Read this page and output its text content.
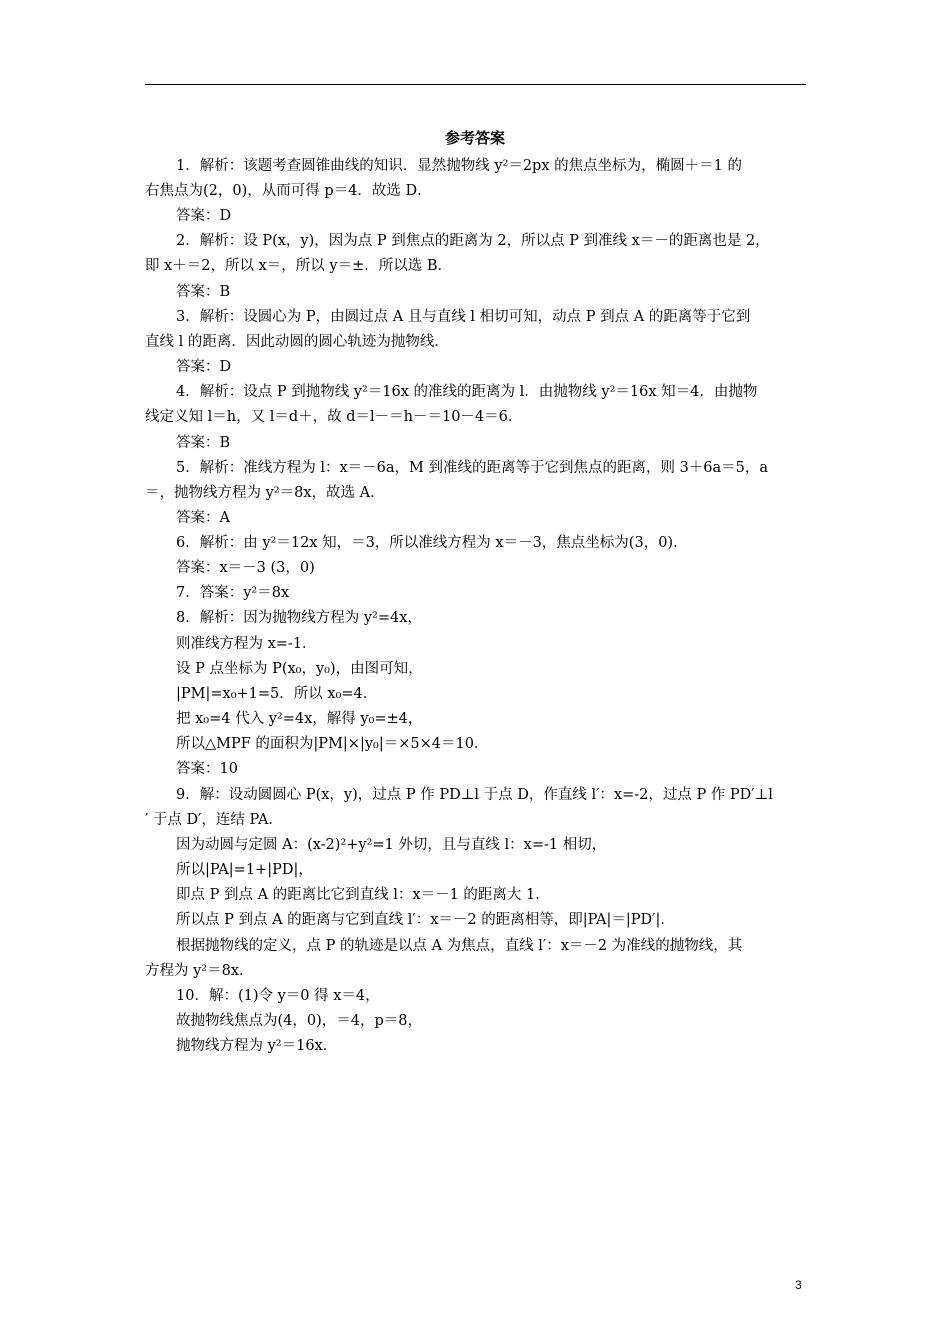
参考答案
1．解析：该题考查圆锥曲线的知识．显然抛物线 y²＝2px 的焦点坐标为，椭圆＋＝1 的
右焦点为(2，0)，从而可得 p＝4．故选 D．
答案：D
2．解析：设 P(x，y)，因为点 P 到焦点的距离为 2，所以点 P 到准线 x＝－的距离也是 2，
即 x＋＝2，所以 x＝，所以 y＝±．所以选 B．
答案：B
3．解析：设圆心为 P，由圆过点 A 且与直线 l 相切可知，动点 P 到点 A 的距离等于它到
直线 l 的距离．因此动圆的圆心轨迹为抛物线．
答案：D
4．解析：设点 P 到抛物线 y²＝16x 的准线的距离为 l．由抛物线 y²＝16x 知＝4．由抛物
线定义知 l＝h，又 l＝d＋，故 d＝l－＝h－＝10－4＝6．
答案：B
5．解析：准线方程为 l：x＝－6a，M 到准线的距离等于它到焦点的距离，则 3＋6a＝5，a
＝，抛物线方程为 y²＝8x，故选 A．
答案：A
6．解析：由 y²＝12x 知，＝3，所以准线方程为 x＝－3，焦点坐标为(3，0)．
答案：x＝－3 (3，0)
7．答案：y²＝8x
8．解析：因为抛物线方程为 y²=4x，
则准线方程为 x=-1．
设 P 点坐标为 P(x₀，y₀)，由图可知，
|PM|=x₀+1=5．所以 x₀=4．
把 x₀=4 代入 y²=4x，解得 y₀=±4，
所以△MPF 的面积为|PM|×|y₀|＝×5×4＝10．
答案：10
9．解：设动圆圆心 P(x，y)，过点 P 作 PD⊥l 于点 D，作直线 l′：x=-2，过点 P 作 PD′⊥l
′ 于点 D′，连结 PA．
因为动圆与定圆 A：(x-2)²+y²=1 外切，且与直线 l：x=-1 相切，
所以|PA|=1+|PD|，
即点 P 到点 A 的距离比它到直线 l：x＝－1 的距离大 1．
所以点 P 到点 A 的距离与它到直线 l′：x＝－2 的距离相等，即|PA|＝|PD′|．
根据抛物线的定义，点 P 的轨迹是以点 A 为焦点，直线 l′：x＝－2 为准线的抛物线，其
方程为 y²＝8x．
10．解：(1)令 y＝0 得 x＝4，
故抛物线焦点为(4，0)，＝4，p＝8，
抛物线方程为 y²＝16x．
3
